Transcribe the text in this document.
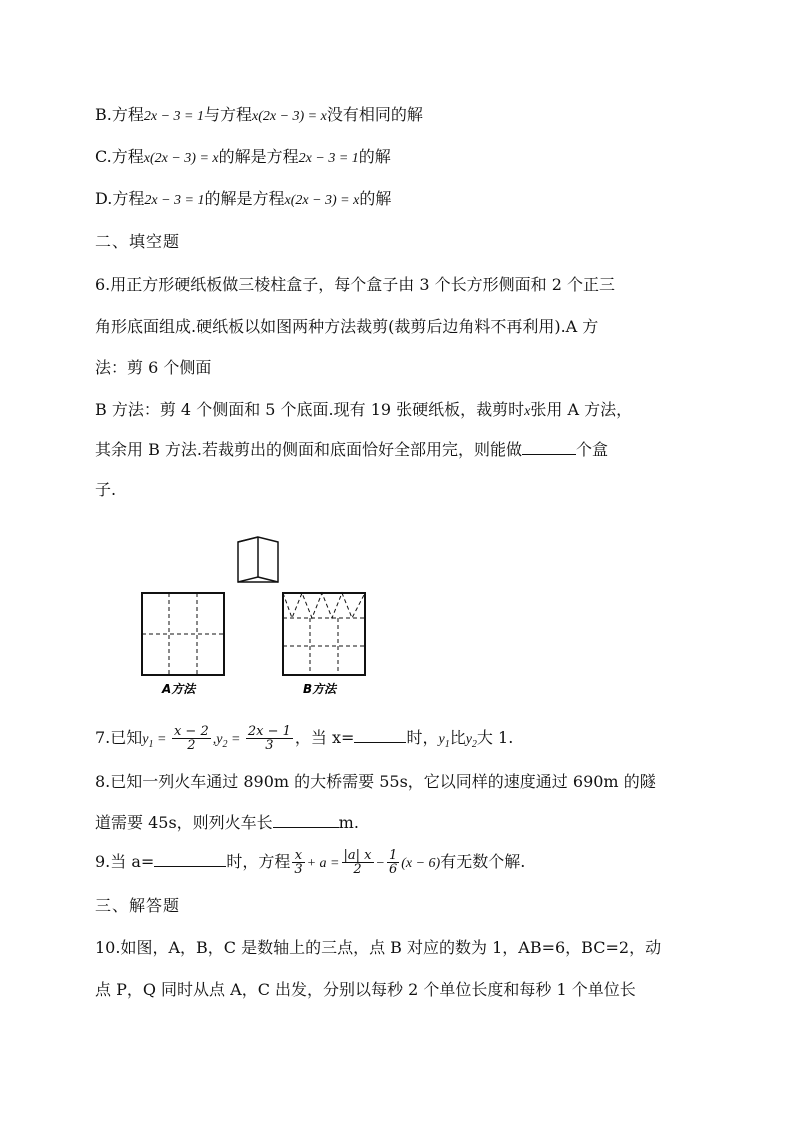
B.方程2x − 3 = 1与方程x(2x − 3) = x没有相同的解
C.方程x(2x − 3) = x的解是方程2x − 3 = 1的解
D.方程2x − 3 = 1的解是方程x(2x − 3) = x的解
二、填空题
6.用正方形硬纸板做三棱柱盒子，每个盒子由 3 个长方形侧面和 2 个正三
角形底面组成.硬纸板以如图两种方法裁剪(裁剪后边角料不再利用).A 方
法：剪 6 个侧面
B 方法：剪 4 个侧面和 5 个底面.现有 19 张硬纸板，裁剪时x张用 A 方法，
其余用 B 方法.若裁剪出的侧面和底面恰好全部用完，则能做	个盒
子.
A方法	B方法
7.已知$y_1 = \frac{x - 2}{2} ,y_2 = \frac{2x - 1}{3}$ ，当 x=	时，$y_1$比$y_2$大 1.
8.已知一列火车通过 890m 的大桥需要 55s，它以同样的速度通过 690m 的隧
道需要 45s，则列火车长	m.
9.当 a=	时，方程 $\frac{x}{3} + a = \frac{|a| x}{2} - \frac{1}{6} (x - 6)$有无数个解.
三、解答题
10.如图，A，B，C 是数轴上的三点，点 B 对应的数为 1，AB=6，BC=2，动
点 P，Q 同时从点 A，C 出发，分别以每秒 2 个单位长度和每秒 1 个单位长
